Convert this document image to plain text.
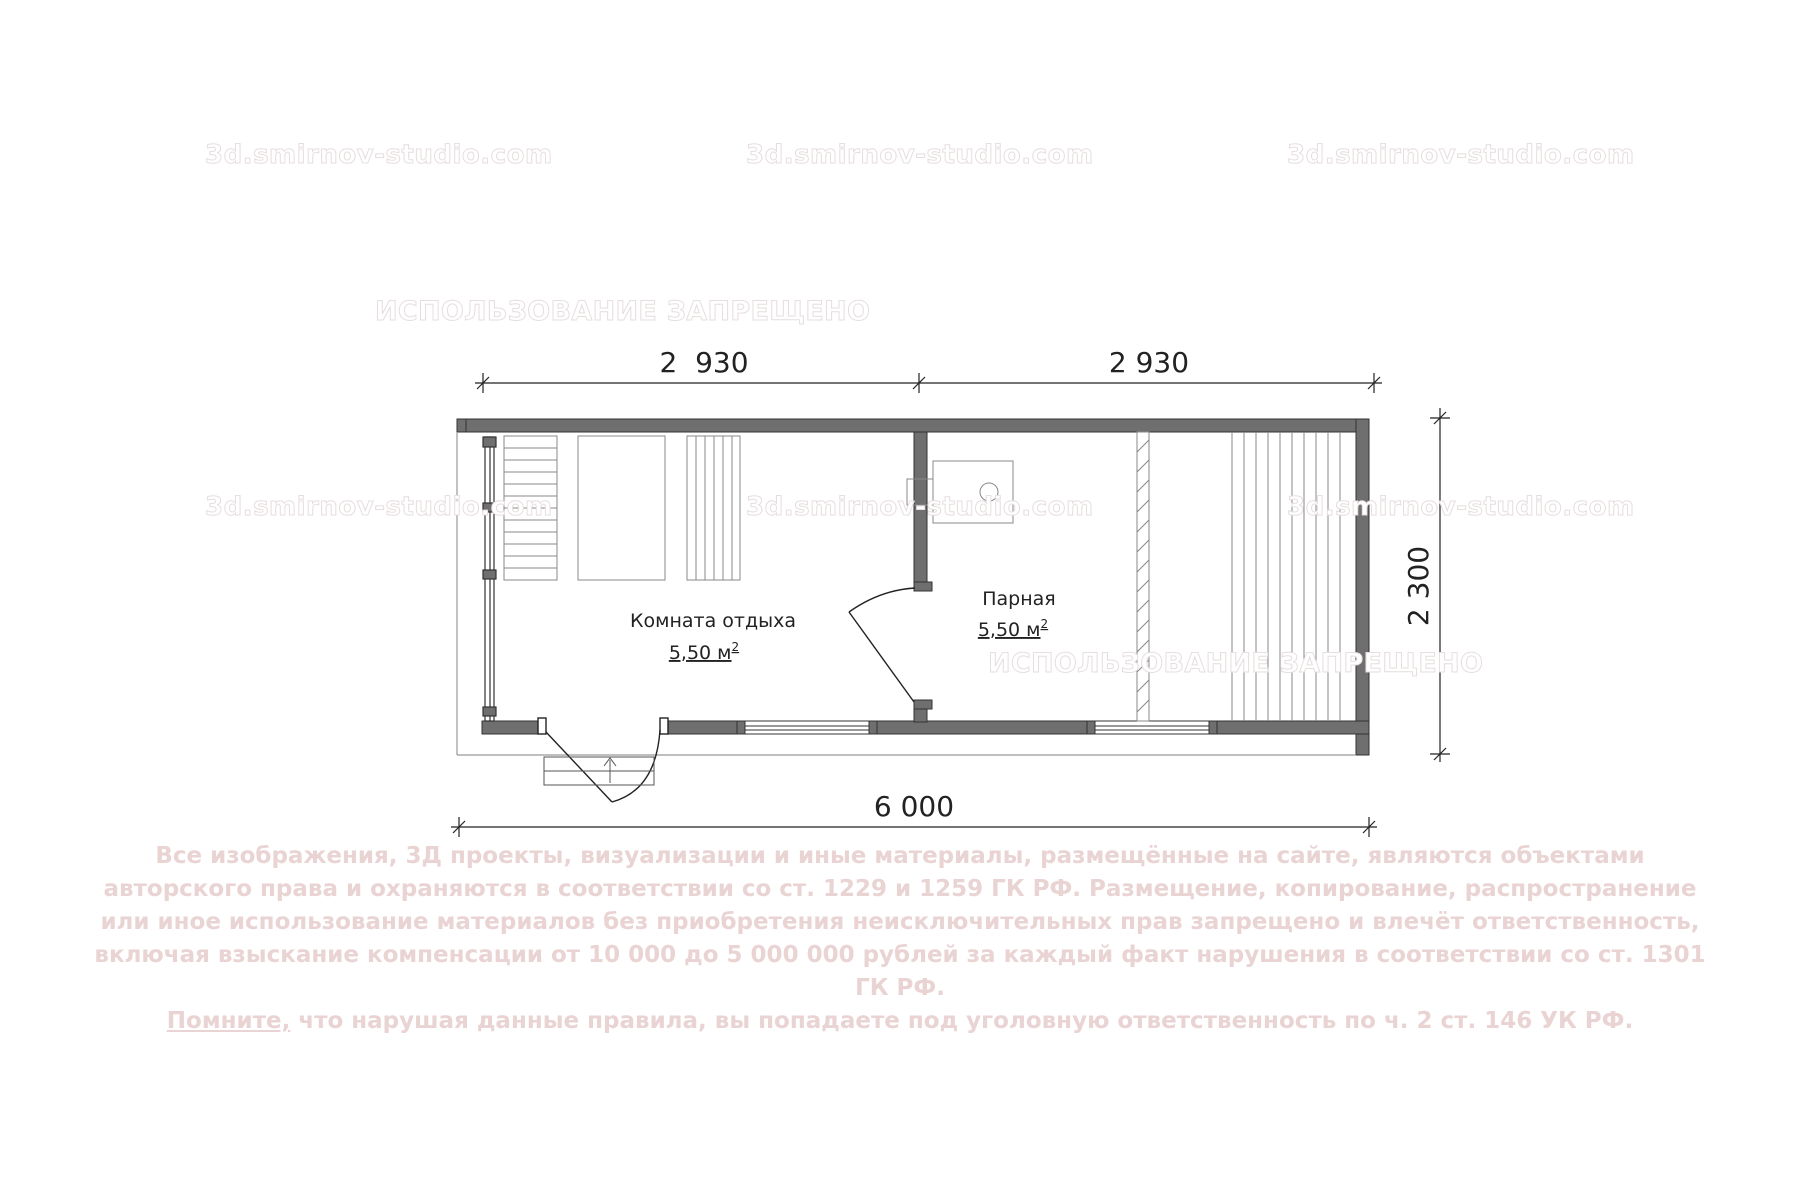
2  930	2 930
6 000
2 300
Комната отдыха
5,50 $м^2$
Парная
5,50 $м^2$
3d.smirnov-studio.com	3d.smirnov-studio.com	3d.smirnov-studio.com
3d.smirnov-studio.com	3d.smirnov-studio.com	3d.smirnov-studio.com
ИСПОЛЬЗОВАНИЕ ЗАПРЕЩЕНО
ИСПОЛЬЗОВАНИЕ ЗАПРЕЩЕНО
Все изображения, 3Д проекты, визуализации и иные материалы, размещённые на сайте, являются объектами авторского права и охраняются в соответствии со ст. 1229 и 1259 ГК РФ. Размещение, копирование, распространение или иное использование материалов без приобретения неисключительных прав запрещено и влечёт ответственность, включая взыскание компенсации от 10 000 до 5 000 000 рублей за каждый факт нарушения в соответствии со ст. 1301 ГК РФ.
Помните, что нарушая данные правила, вы попадаете под уголовную ответственность по ч. 2 ст. 146 УК РФ.
